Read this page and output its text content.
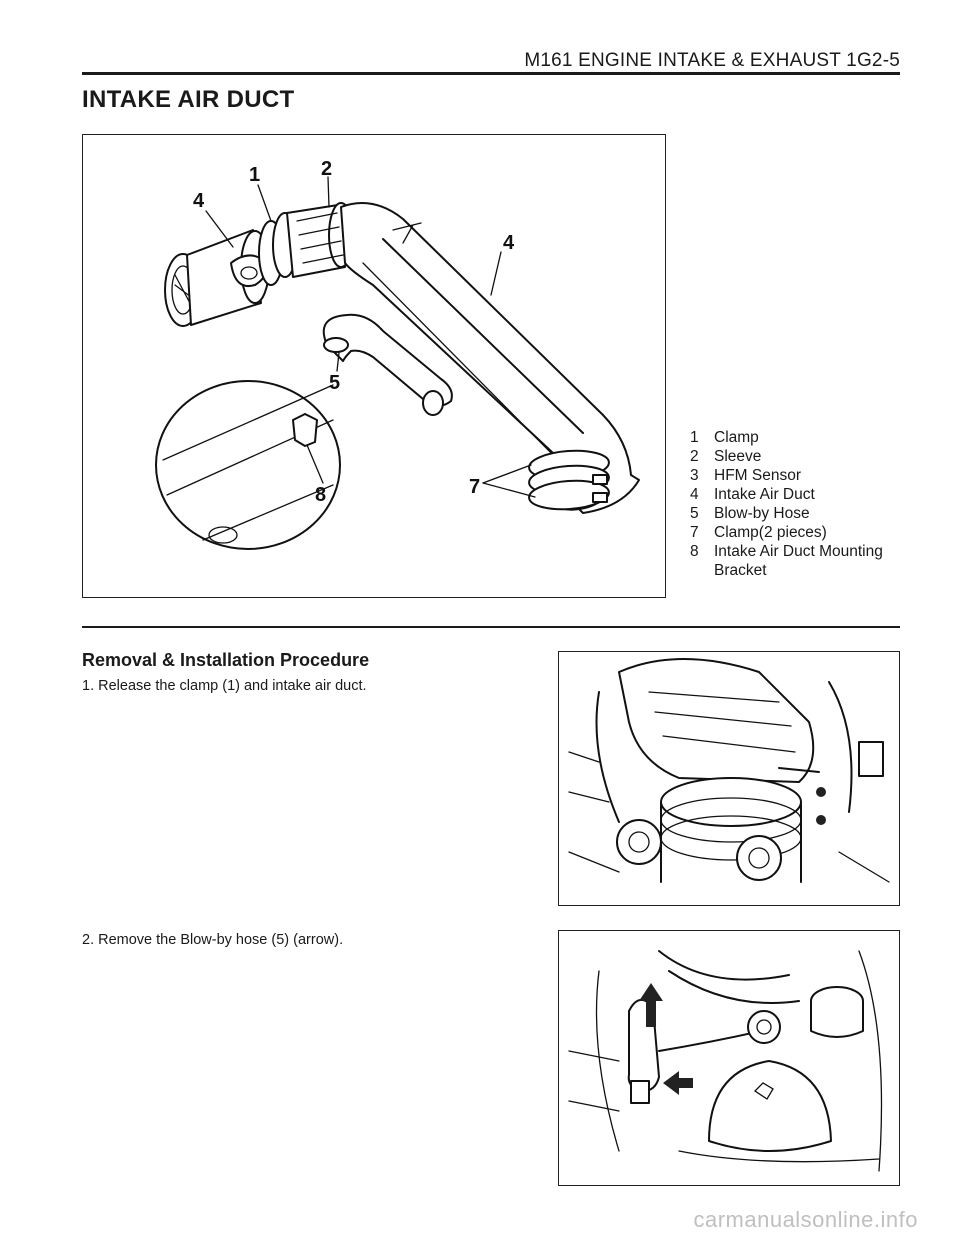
M161 ENGINE INTAKE & EXHAUST 1G2-5
INTAKE AIR DUCT
4
1	2
4
5
7
8
1 Clamp
2 Sleeve
3 HFM Sensor
4 Intake Air Duct
5 Blow-by Hose
7 Clamp(2 pieces)
8 Intake Air Duct Mounting Bracket
Removal & Installation Procedure
1. Release the clamp (1) and intake air duct.
2. Remove the Blow-by hose (5) (arrow).
carmanualsonline.info
